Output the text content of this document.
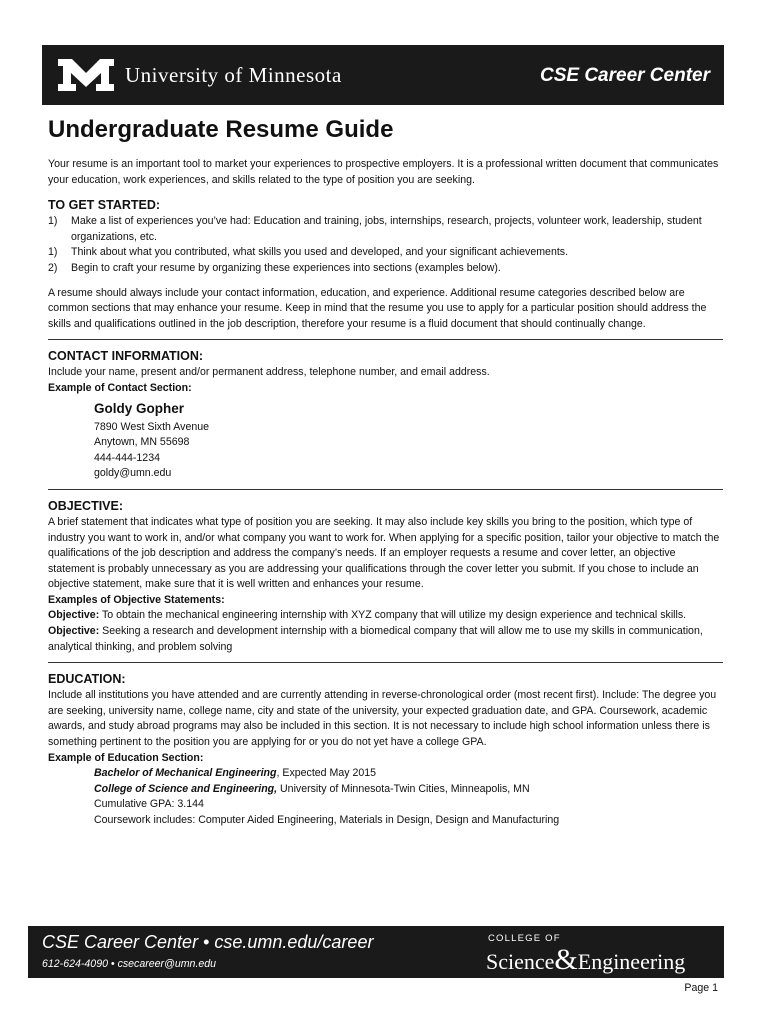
University of Minnesota	CSE Career Center
Undergraduate Resume Guide

Your resume is an important tool to market your experiences to prospective employers. It is a professional written document that communicates your education, work experiences, and skills related to the type of position you are seeking.

TO GET STARTED:

1)	Make a list of experiences you’ve had: Education and training, jobs, internships, research, projects, volunteer work, leadership, student organizations, etc.
1)	Think about what you contributed, what skills you used and developed, and your significant achievements.
2)	Begin to craft your resume by organizing these experiences into sections (examples below).

A resume should always include your contact information, education, and experience. Additional resume categories described below are common sections that may enhance your resume. Keep in mind that the resume you use to apply for a particular position should address the skills and qualifications outlined in the job description, therefore your resume is a fluid document that should continually change.

CONTACT INFORMATION:

Include your name, present and/or permanent address, telephone number, and email address.

Example of Contact Section:

Goldy Gopher
7890 West Sixth Avenue
Anytown, MN 55698
444-444-1234
goldy@umn.edu

OBJECTIVE:

A brief statement that indicates what type of position you are seeking. It may also include key skills you bring to the position, which type of industry you want to work in, and/or what company you want to work for. When applying for a specific position, tailor your objective to match the qualifications of the job description and address the company’s needs. If an employer requests a resume and cover letter, an objective statement is probably unnecessary as you are addressing your qualifications through the cover letter you submit. If you chose to include an objective statement, make sure that it is well written and enhances your resume.

Examples of Objective Statements:

Objective: To obtain the mechanical engineering internship with XYZ company that will utilize my design experience and technical skills.

Objective: Seeking a research and development internship with a biomedical company that will allow me to use my skills in communication, analytical thinking, and problem solving

EDUCATION:

Include all institutions you have attended and are currently attending in reverse-chronological order (most recent first). Include: The degree you are seeking, university name, college name, city and state of the university, your expected graduation date, and GPA. Coursework, academic awards, and study abroad programs may also be included in this section. It is not necessary to include high school information unless there is something pertinent to the position you are applying for or you do not yet have a college GPA.

Example of Education Section:

Bachelor of Mechanical Engineering, Expected May 2015
College of Science and Engineering, University of Minnesota-Twin Cities, Minneapolis, MN
Cumulative GPA: 3.144
Coursework includes: Computer Aided Engineering, Materials in Design, Design and Manufacturing
CSE Career Center • cse.umn.edu/career
612-624-4090 • csecareer@umn.edu
COLLEGE OF
Science&Engineering
Page 1
